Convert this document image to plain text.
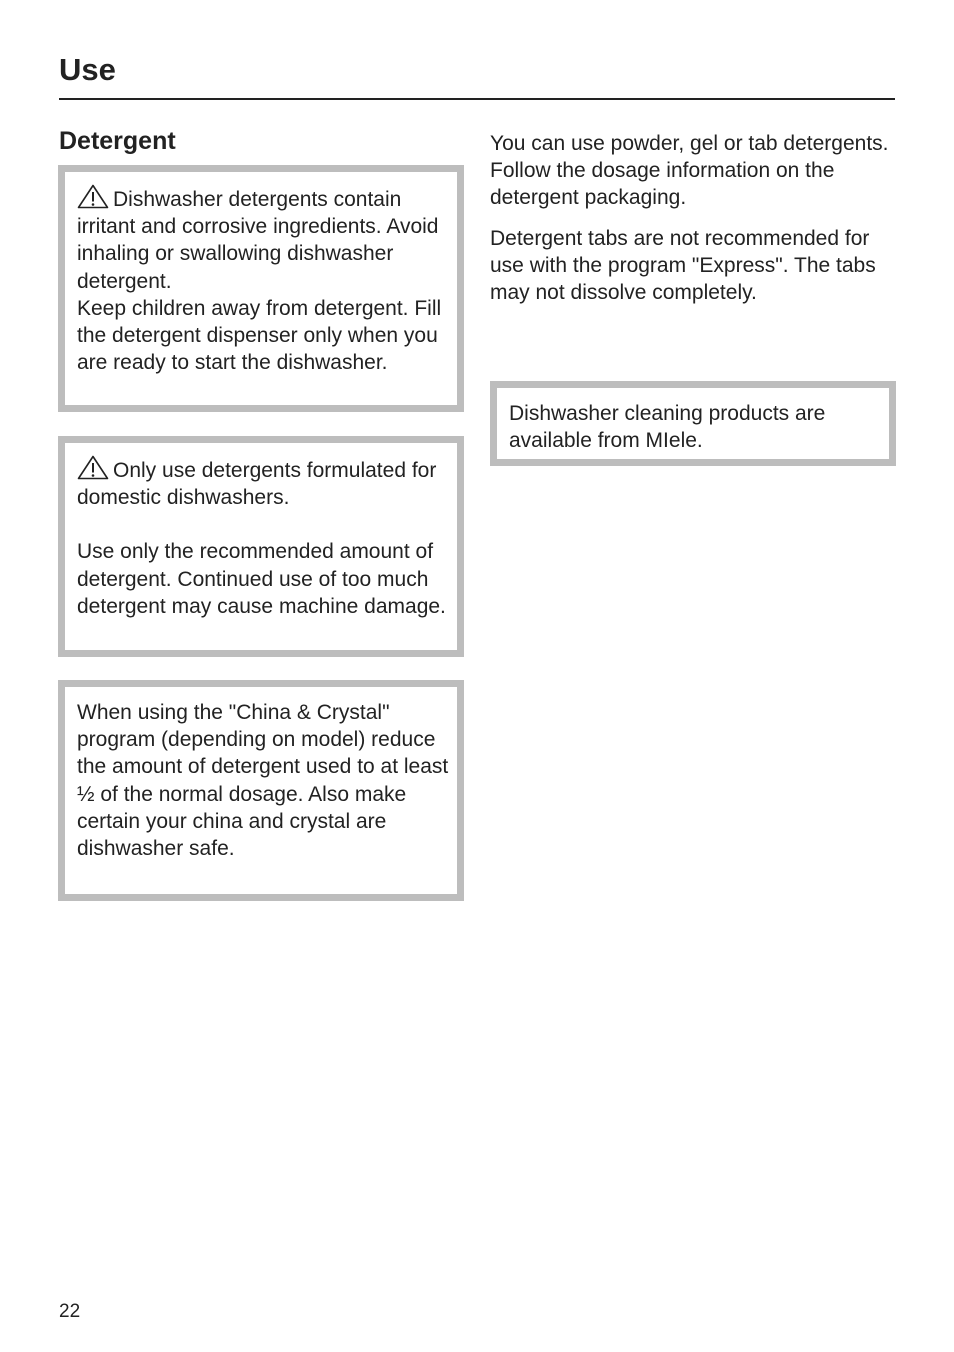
Use
Detergent

Dishwasher detergents contain irritant and corrosive ingredients. Avoid inhaling or swallowing dishwasher detergent.

Keep children away from detergent. Fill the detergent dispenser only when you are ready to start the dishwasher.

Only use detergents formulated for domestic dishwashers.

Use only the recommended amount of detergent. Continued use of too much detergent may cause machine damage.

When using the "China & Crystal" program (depending on model) reduce the amount of detergent used to at least ½ of the normal dosage. Also make certain your china and crystal are dishwasher safe.

You can use powder, gel or tab detergents. Follow the dosage information on the detergent packaging.

Detergent tabs are not recommended for use with the program "Express". The tabs may not dissolve completely.

Dishwasher cleaning products are available from MIele.

22
